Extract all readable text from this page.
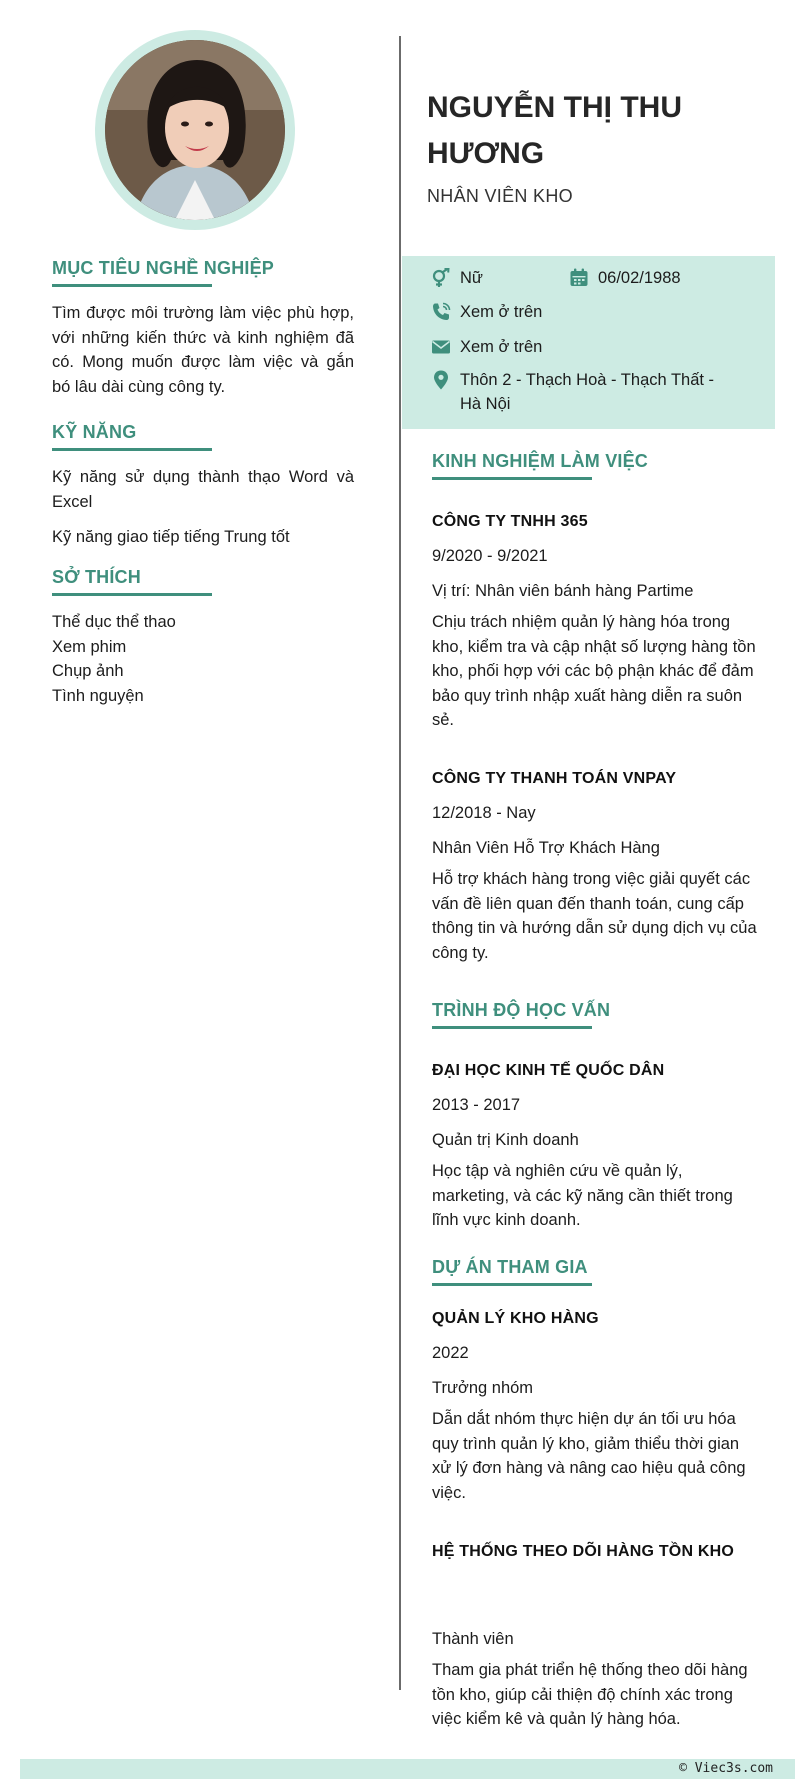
MỤC TIÊU NGHỀ NGHIỆP
Tìm được môi trường làm việc phù hợp,
với những kiến thức và kinh nghiệm đã
có. Mong muốn được làm việc và gắn
bó lâu dài cùng công ty.
KỸ NĂNG
Kỹ năng sử dụng thành thạo Word và Excel
Kỹ năng giao tiếp tiếng Trung tốt
SỞ THÍCH
Thể dục thể thao
Xem phim
Chụp ảnh
Tình nguyện
NGUYỄN THỊ THU
HƯƠNG
NHÂN VIÊN KHO
Nữ	06/02/1988
Xem ở trên
Xem ở trên
Thôn 2 - Thạch Hoà - Thạch Thất -
Hà Nội
KINH NGHIỆM LÀM VIỆC
CÔNG TY TNHH 365
9/2020 - 9/2021
Vị trí: Nhân viên bánh hàng Partime
Chịu trách nhiệm quản lý hàng hóa trong kho, kiểm tra và cập nhật số lượng hàng tồn kho, phối hợp với các bộ phận khác để đảm bảo quy trình nhập xuất hàng diễn ra suôn sẻ.
CÔNG TY THANH TOÁN VNPAY
12/2018 - Nay
Nhân Viên Hỗ Trợ Khách Hàng
Hỗ trợ khách hàng trong việc giải quyết các vấn đề liên quan đến thanh toán, cung cấp thông tin và hướng dẫn sử dụng dịch vụ của công ty.
TRÌNH ĐỘ HỌC VẤN
ĐẠI HỌC KINH TẾ QUỐC DÂN
2013 - 2017
Quản trị Kinh doanh
Học tập và nghiên cứu về quản lý, marketing, và các kỹ năng cần thiết trong lĩnh vực kinh doanh.
DỰ ÁN THAM GIA
QUẢN LÝ KHO HÀNG
2022
Trưởng nhóm
Dẫn dắt nhóm thực hiện dự án tối ưu hóa quy trình quản lý kho, giảm thiểu thời gian xử lý đơn hàng và nâng cao hiệu quả công việc.
HỆ THỐNG THEO DÕI HÀNG TỒN KHO
Thành viên
Tham gia phát triển hệ thống theo dõi hàng tồn kho, giúp cải thiện độ chính xác trong việc kiểm kê và quản lý hàng hóa.
© Viec3s.com
